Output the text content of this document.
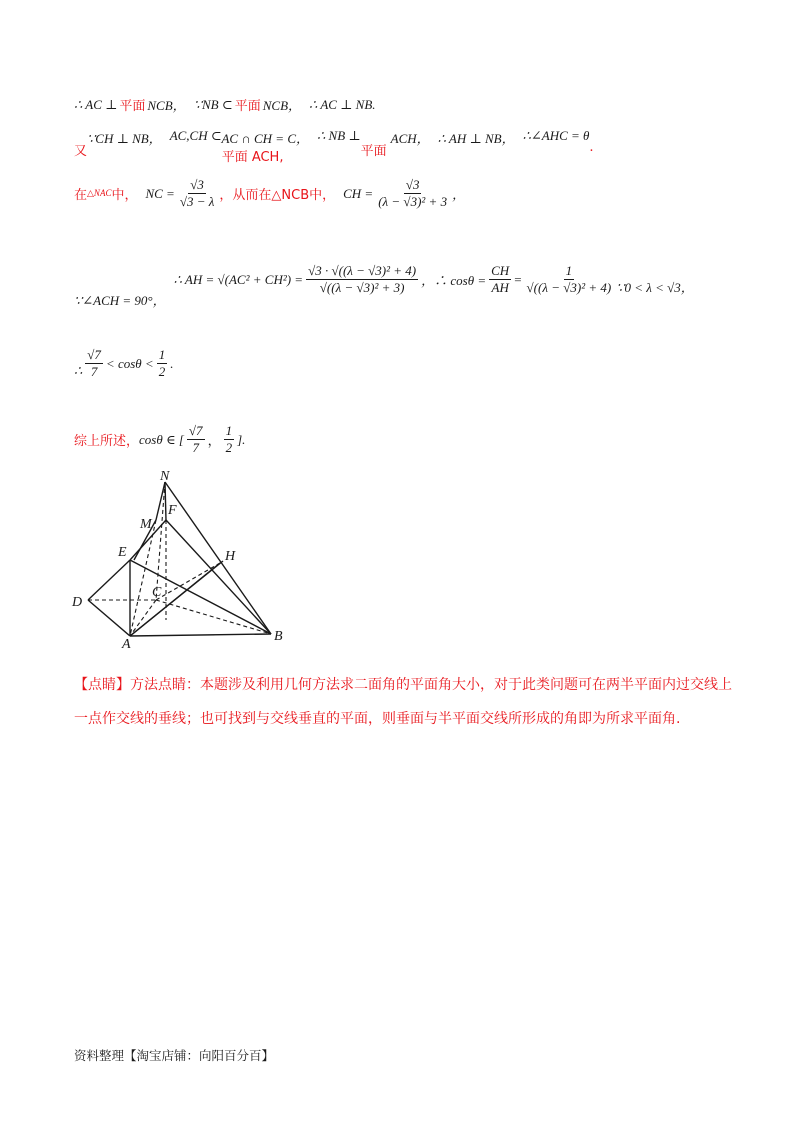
∴ AC ⊥ 平面 NCB， ∵NB ⊂ 平面 NCB， ∴ AC ⊥ NB.
又
∵CH ⊥ NB， AC,CH ⊂
平面 ACH,
AC ∩ CH = C， ∴ NB ⊥
平面
ACH， ∴ AH ⊥ NB， ∴∠AHC = θ
.
在 △NAC 中， NC = $\frac{√3}{√3 - \lambda}$ ，从而在△NCB中， CH = $\frac{√3}{\text{(λ − √3)² + 3}}$ ，
∵∠ACH = 90°，
∴ AH = $√(AC^2 + CH^2) = \frac{\text{√3 · √((λ − √3)² + 4)}}{\text{√((λ − √3)² + 3)}}$ ，∴ $\cos\theta = \frac{CH}{AH} = \frac{1}{\text{√((λ − √3)² + 4)}}$ ∵0 < λ < √3，
∴ $\frac{√7}{7} < \cos\theta < \frac{1}{2}$ .
综上所述， cosθ ∈ [ $\frac{√7}{7}$ ， $\frac{1}{2}$ ].
N
M
F
E	H
D
C
A
B
【点睛】方法点睛：本题涉及利用几何方法求二面角的平面角大小，对于此类问题可在两半平面内过交线上一点作交线的垂线；也可找到与交线垂直的平面，则垂面与半平面交线所形成的角即为所求平面角.
资料整理【淘宝店铺：向阳百分百】
